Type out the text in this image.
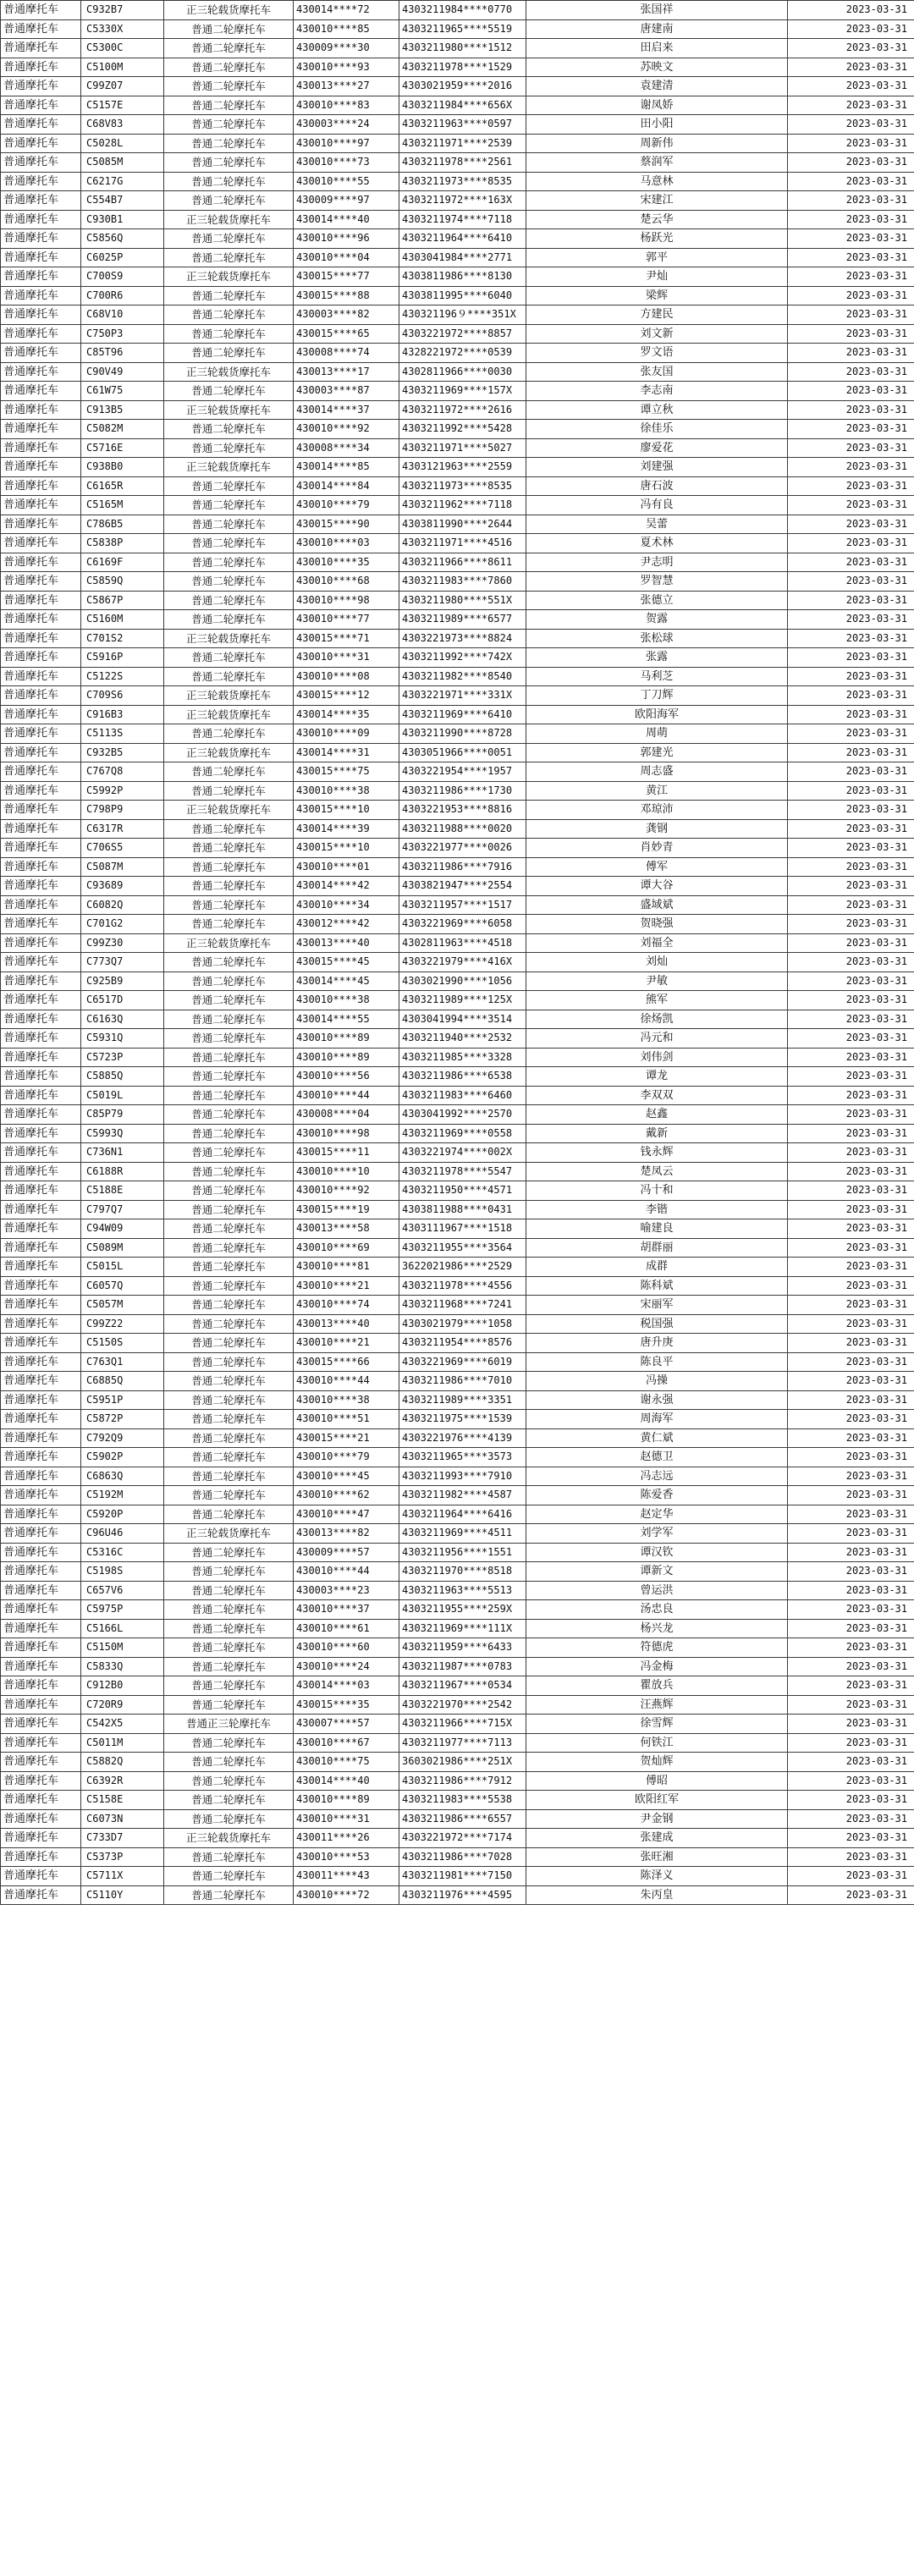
普通摩托车	C932B7	正三轮载货摩托车	430014****72	4303211984****0770	张国祥	2023-03-31
普通摩托车	C5330X	普通二轮摩托车	430010****85	4303211965****5519	唐建南	2023-03-31
普通摩托车	C5300C	普通二轮摩托车	430009****30	4303211980****1512	田启来	2023-03-31
普通摩托车	C5100M	普通二轮摩托车	430010****93	4303211978****1529	苏映文	2023-03-31
普通摩托车	C99Z07	普通二轮摩托车	430013****27	4303021959****2016	袁建清	2023-03-31
普通摩托车	C5157E	普通二轮摩托车	430010****83	4303211984****656X	谢凤娇	2023-03-31
普通摩托车	C68V83	普通二轮摩托车	430003****24	4303211963****0597	田小阳	2023-03-31
普通摩托车	C5028L	普通二轮摩托车	430010****97	4303211971****2539	周新伟	2023-03-31
普通摩托车	C5085M	普通二轮摩托车	430010****73	4303211978****2561	蔡润军	2023-03-31
普通摩托车	C6217G	普通二轮摩托车	430010****55	4303211973****8535	马意林	2023-03-31
普通摩托车	C554B7	普通二轮摩托车	430009****97	4303211972****163X	宋建江	2023-03-31
普通摩托车	C930B1	正三轮载货摩托车	430014****40	4303211974****7118	楚云华	2023-03-31
普通摩托车	C5856Q	普通二轮摩托车	430010****96	4303211964****6410	杨跃光	2023-03-31
普通摩托车	C6025P	普通二轮摩托车	430010****04	4303041984****2771	郭平	2023-03-31
普通摩托车	C700S9	正三轮载货摩托车	430015****77	4303811986****8130	尹灿	2023-03-31
普通摩托车	C700R6	普通二轮摩托车	430015****88	4303811995****6040	梁辉	2023-03-31
普通摩托车	C68V10	普通二轮摩托车	430003****82	430321196９****351X	方建民	2023-03-31
普通摩托车	C750P3	普通二轮摩托车	430015****65	4303221972****8857	刘文新	2023-03-31
普通摩托车	C85T96	普通二轮摩托车	430008****74	4328221972****0539	罗文语	2023-03-31
普通摩托车	C90V49	正三轮载货摩托车	430013****17	4302811966****0030	张友国	2023-03-31
普通摩托车	C61W75	普通二轮摩托车	430003****87	4303211969****157X	李志南	2023-03-31
普通摩托车	C913B5	正三轮载货摩托车	430014****37	4303211972****2616	谭立秋	2023-03-31
普通摩托车	C5082M	普通二轮摩托车	430010****92	4303211992****5428	徐佳乐	2023-03-31
普通摩托车	C5716E	普通二轮摩托车	430008****34	4303211971****5027	廖爱花	2023-03-31
普通摩托车	C938B0	正三轮载货摩托车	430014****85	4303121963****2559	刘建强	2023-03-31
普通摩托车	C6165R	普通二轮摩托车	430014****84	4303211973****8535	唐石波	2023-03-31
普通摩托车	C5165M	普通二轮摩托车	430010****79	4303211962****7118	冯有良	2023-03-31
普通摩托车	C786B5	普通二轮摩托车	430015****90	4303811990****2644	吴蕾	2023-03-31
普通摩托车	C5838P	普通二轮摩托车	430010****03	4303211971****4516	夏术林	2023-03-31
普通摩托车	C6169F	普通二轮摩托车	430010****35	4303211966****8611	尹志明	2023-03-31
普通摩托车	C5859Q	普通二轮摩托车	430010****68	4303211983****7860	罗智慧	2023-03-31
普通摩托车	C5867P	普通二轮摩托车	430010****98	4303211980****551X	张德立	2023-03-31
普通摩托车	C5160M	普通二轮摩托车	430010****77	4303211989****6577	贺露	2023-03-31
普通摩托车	C701S2	正三轮载货摩托车	430015****71	4303221973****8824	张松球	2023-03-31
普通摩托车	C5916P	普通二轮摩托车	430010****31	4303211992****742X	张露	2023-03-31
普通摩托车	C5122S	普通二轮摩托车	430010****08	4303211982****8540	马利芝	2023-03-31
普通摩托车	C709S6	正三轮载货摩托车	430015****12	4303221971****331X	丁刀辉	2023-03-31
普通摩托车	C916B3	正三轮载货摩托车	430014****35	4303211969****6410	欧阳海军	2023-03-31
普通摩托车	C5113S	普通二轮摩托车	430010****09	4303211990****8728	周萌	2023-03-31
普通摩托车	C932B5	正三轮载货摩托车	430014****31	4303051966****0051	郭建光	2023-03-31
普通摩托车	C767Q8	普通二轮摩托车	430015****75	4303221954****1957	周志盛	2023-03-31
普通摩托车	C5992P	普通二轮摩托车	430010****38	4303211986****1730	黄江	2023-03-31
普通摩托车	C798P9	正三轮载货摩托车	430015****10	4303221953****8816	邓琼沛	2023-03-31
普通摩托车	C6317R	普通二轮摩托车	430014****39	4303211988****0020	龚钢	2023-03-31
普通摩托车	C706S5	普通二轮摩托车	430015****10	4303221977****0026	肖妙青	2023-03-31
普通摩托车	C5087M	普通二轮摩托车	430010****01	4303211986****7916	傅军	2023-03-31
普通摩托车	C93689	普通二轮摩托车	430014****42	4303821947****2554	谭大谷	2023-03-31
普通摩托车	C6082Q	普通二轮摩托车	430010****34	4303211957****1517	盛域斌	2023-03-31
普通摩托车	C701G2	普通二轮摩托车	430012****42	4303221969****6058	贺晓强	2023-03-31
普通摩托车	C99Z30	正三轮载货摩托车	430013****40	4302811963****4518	刘福全	2023-03-31
普通摩托车	C773Q7	普通二轮摩托车	430015****45	4303221979****416X	刘灿	2023-03-31
普通摩托车	C925B9	普通二轮摩托车	430014****45	4303021990****1056	尹敏	2023-03-31
普通摩托车	C6517D	普通二轮摩托车	430010****38	4303211989****125X	熊军	2023-03-31
普通摩托车	C6163Q	普通二轮摩托车	430014****55	4303041994****3514	徐炀凯	2023-03-31
普通摩托车	C5931Q	普通二轮摩托车	430010****89	4303211940****2532	冯元和	2023-03-31
普通摩托车	C5723P	普通二轮摩托车	430010****89	4303211985****3328	刘伟剑	2023-03-31
普通摩托车	C5885Q	普通二轮摩托车	430010****56	4303211986****6538	谭龙	2023-03-31
普通摩托车	C5019L	普通二轮摩托车	430010****44	4303211983****6460	李双双	2023-03-31
普通摩托车	C85P79	普通二轮摩托车	430008****04	4303041992****2570	赵鑫	2023-03-31
普通摩托车	C5993Q	普通二轮摩托车	430010****98	4303211969****0558	戴新	2023-03-31
普通摩托车	C736N1	普通二轮摩托车	430015****11	4303221974****002X	钱永辉	2023-03-31
普通摩托车	C6188R	普通二轮摩托车	430010****10	4303211978****5547	楚凤云	2023-03-31
普通摩托车	C5188E	普通二轮摩托车	430010****92	4303211950****4571	冯十和	2023-03-31
普通摩托车	C797Q7	普通二轮摩托车	430015****19	4303811988****0431	李锴	2023-03-31
普通摩托车	C94W09	普通二轮摩托车	430013****58	4303111967****1518	喻建良	2023-03-31
普通摩托车	C5089M	普通二轮摩托车	430010****69	4303211955****3564	胡群丽	2023-03-31
普通摩托车	C5015L	普通二轮摩托车	430010****81	3622021986****2529	成群	2023-03-31
普通摩托车	C6057Q	普通二轮摩托车	430010****21	4303211978****4556	陈科斌	2023-03-31
普通摩托车	C5057M	普通二轮摩托车	430010****74	4303211968****7241	宋丽军	2023-03-31
普通摩托车	C99Z22	普通二轮摩托车	430013****40	4303021979****1058	税国强	2023-03-31
普通摩托车	C5150S	普通二轮摩托车	430010****21	4303211954****8576	唐升庚	2023-03-31
普通摩托车	C763Q1	普通二轮摩托车	430015****66	4303221969****6019	陈良平	2023-03-31
普通摩托车	C6885Q	普通二轮摩托车	430010****44	4303211986****7010	冯操	2023-03-31
普通摩托车	C5951P	普通二轮摩托车	430010****38	4303211989****3351	谢永强	2023-03-31
普通摩托车	C5872P	普通二轮摩托车	430010****51	4303211975****1539	周海军	2023-03-31
普通摩托车	C792Q9	普通二轮摩托车	430015****21	4303221976****4139	黄仁斌	2023-03-31
普通摩托车	C5902P	普通二轮摩托车	430010****79	4303211965****3573	赵德卫	2023-03-31
普通摩托车	C6863Q	普通二轮摩托车	430010****45	4303211993****7910	冯志远	2023-03-31
普通摩托车	C5192M	普通二轮摩托车	430010****62	4303211982****4587	陈爱香	2023-03-31
普通摩托车	C5920P	普通二轮摩托车	430010****47	4303211964****6416	赵定华	2023-03-31
普通摩托车	C96U46	正三轮载货摩托车	430013****82	4303211969****4511	刘学军	2023-03-31
普通摩托车	C5316C	普通二轮摩托车	430009****57	4303211956****1551	谭汉钦	2023-03-31
普通摩托车	C5198S	普通二轮摩托车	430010****44	4303211970****8518	谭新文	2023-03-31
普通摩托车	C657V6	普通二轮摩托车	430003****23	4303211963****5513	曾运洪	2023-03-31
普通摩托车	C5975P	普通二轮摩托车	430010****37	4303211955****259X	汤忠良	2023-03-31
普通摩托车	C5166L	普通二轮摩托车	430010****61	4303211969****111X	杨兴龙	2023-03-31
普通摩托车	C5150M	普通二轮摩托车	430010****60	4303211959****6433	符德虎	2023-03-31
普通摩托车	C5833Q	普通二轮摩托车	430010****24	4303211987****0783	冯金梅	2023-03-31
普通摩托车	C912B0	普通二轮摩托车	430014****03	4303211967****0534	瞿放兵	2023-03-31
普通摩托车	C720R9	普通二轮摩托车	430015****35	4303221970****2542	汪燕辉	2023-03-31
普通摩托车	C542X5	普通正三轮摩托车	430007****57	4303211966****715X	徐雪辉	2023-03-31
普通摩托车	C5011M	普通二轮摩托车	430010****67	4303211977****7113	何铁江	2023-03-31
普通摩托车	C5882Q	普通二轮摩托车	430010****75	3603021986****251X	贺灿辉	2023-03-31
普通摩托车	C6392R	普通二轮摩托车	430014****40	4303211986****7912	傅昭	2023-03-31
普通摩托车	C5158E	普通二轮摩托车	430010****89	4303211983****5538	欧阳红军	2023-03-31
普通摩托车	C6073N	普通二轮摩托车	430010****31	4303211986****6557	尹金钢	2023-03-31
普通摩托车	C733D7	正三轮载货摩托车	430011****26	4303221972****7174	张建成	2023-03-31
普通摩托车	C5373P	普通二轮摩托车	430010****53	4303211986****7028	张旺湘	2023-03-31
普通摩托车	C5711X	普通二轮摩托车	430011****43	4303211981****7150	陈泽义	2023-03-31
普通摩托车	C5110Y	普通二轮摩托车	430010****72	4303211976****4595	朱丙皇	2023-03-31
